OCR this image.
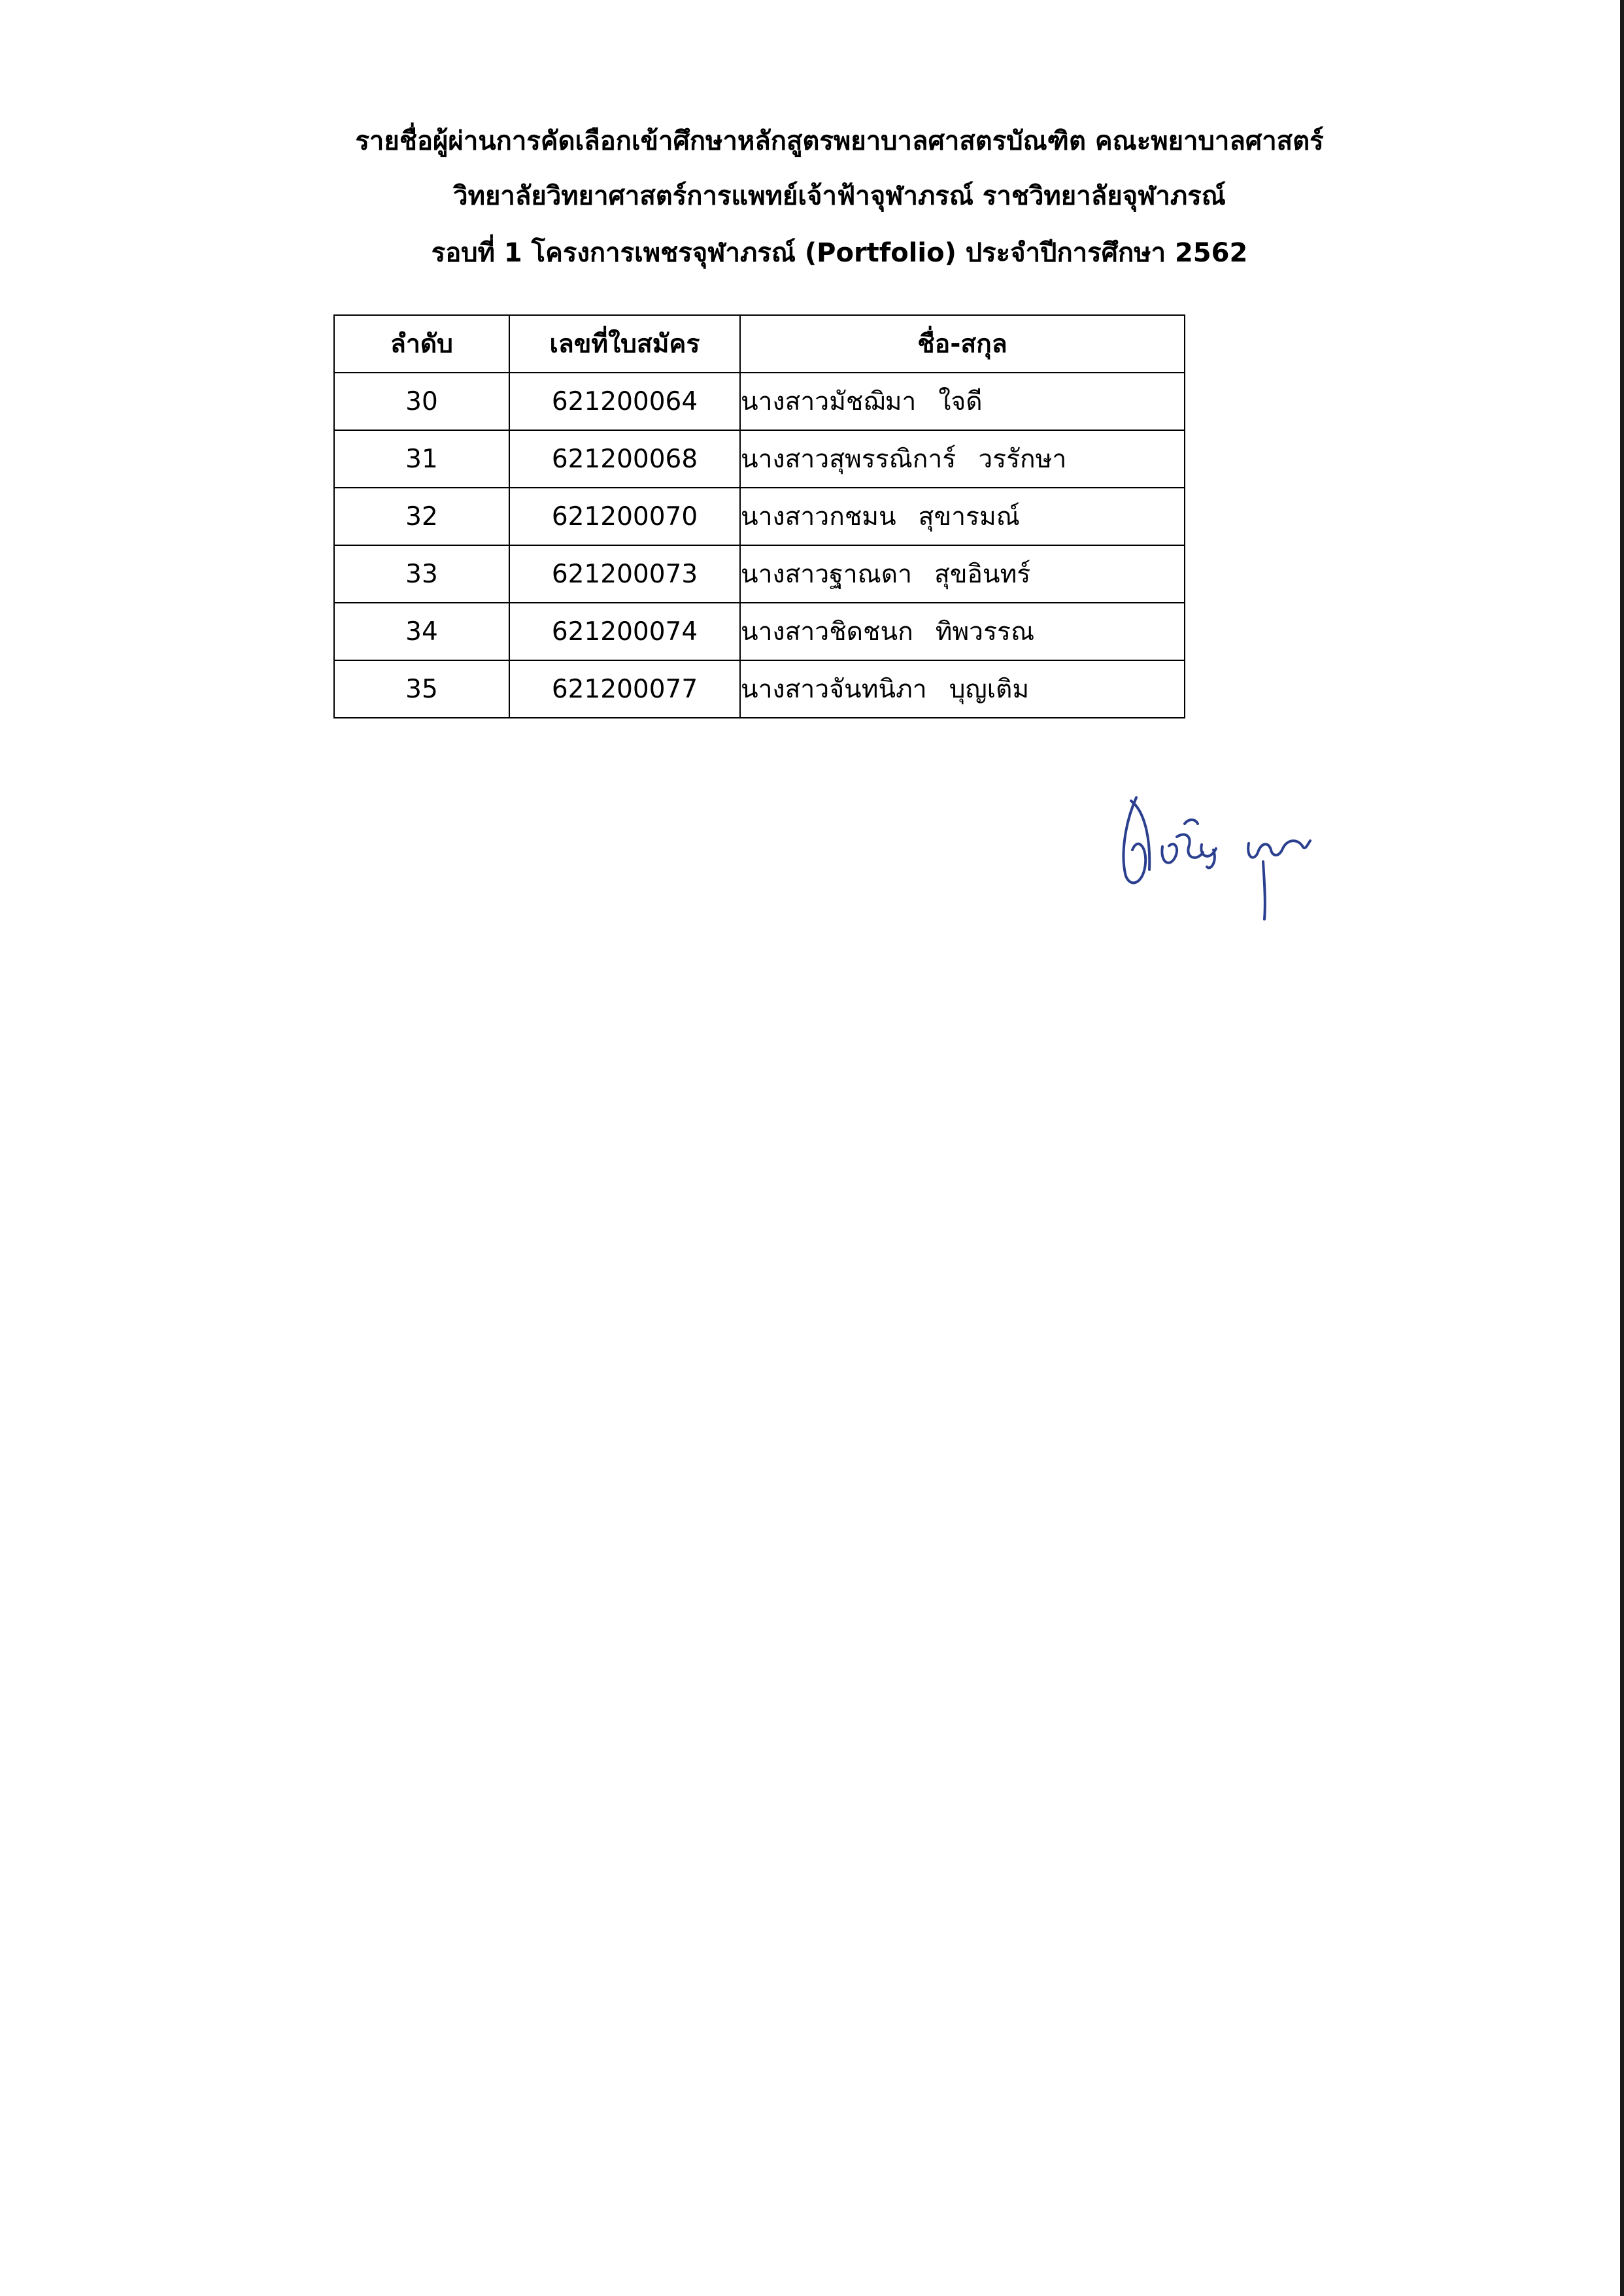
รายชื่อผู้ผ่านการคัดเลือกเข้าศึกษาหลักสูตรพยาบาลศาสตรบัณฑิต คณะพยาบาลศาสตร์
วิทยาลัยวิทยาศาสตร์การแพทย์เจ้าฟ้าจุฬาภรณ์ ราชวิทยาลัยจุฬาภรณ์
รอบที่ 1 โครงการเพชรจุฬาภรณ์ (Portfolio) ประจำปีการศึกษา 2562
ลำดับ	เลขที่ใบสมัคร	ชื่อ-สกุล
30	621200064	นางสาวมัชฌิมา ใจดี
31	621200068	นางสาวสุพรรณิการ์ วรรักษา
32	621200070	นางสาวกชมน สุขารมณ์
33	621200073	นางสาวฐาณดา สุขอินทร์
34	621200074	นางสาวชิดชนก ทิพวรรณ
35	621200077	นางสาวจันทนิภา บุญเติม
